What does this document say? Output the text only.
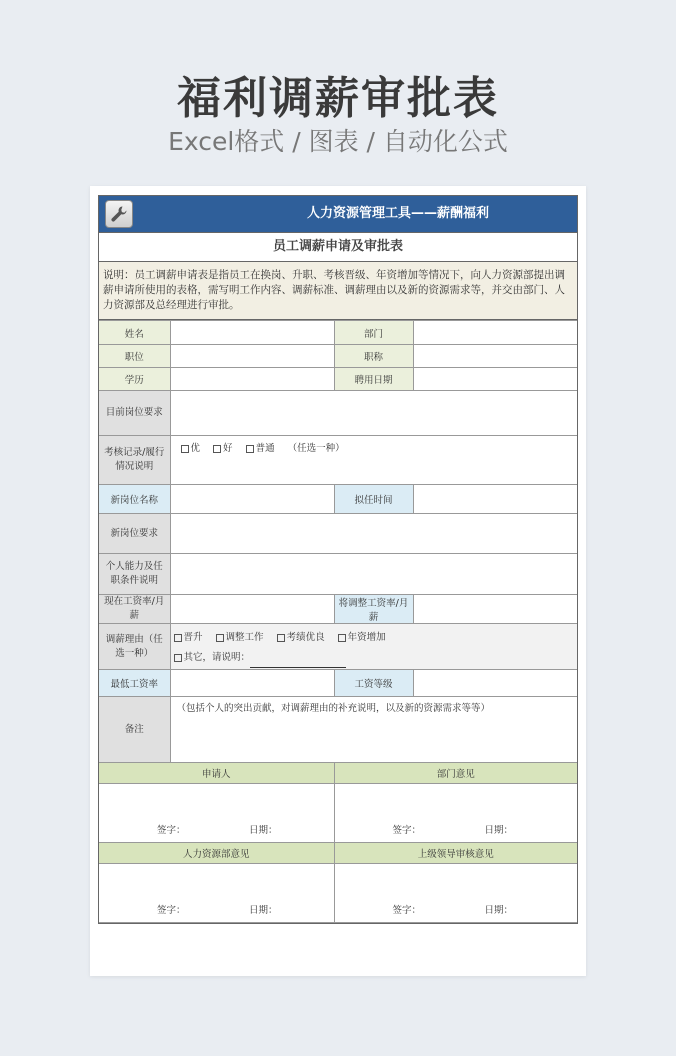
福利调薪审批表
Excel格式 / 图表 / 自动化公式
人力资源管理工具——薪酬福利
员工调薪申请及审批表
说明：员工调薪申请表是指员工在换岗、升职、考核晋级、年资增加等情况下，向人力资源部提出调薪申请所使用的表格，需写明工作内容、调薪标准、调薪理由以及新的资源需求等，并交由部门、人力资源部及总经理进行审批。
姓名		部门	
职位		职称	
学历		聘用日期	
目前岗位要求			
考核记录/履行情况说明	优 好 普通 （任选一种）		
新岗位名称		拟任时间	
新岗位要求			
个人能力及任职条件说明			
现在工资率/月薪		将调整工资率/月薪	
调薪理由（任选一种）	晋升 调整工作 考绩优良 年资增加
其它，请说明：		

最低工资率		工资等级	
备注	（包括个人的突出贡献，对调薪理由的补充说明，以及新的资源需求等等）		
申请人		部门意见	

签字： 日期：		签字： 日期：	

人力资源部意见		上级领导审核意见	

签字： 日期：		签字： 日期：	
